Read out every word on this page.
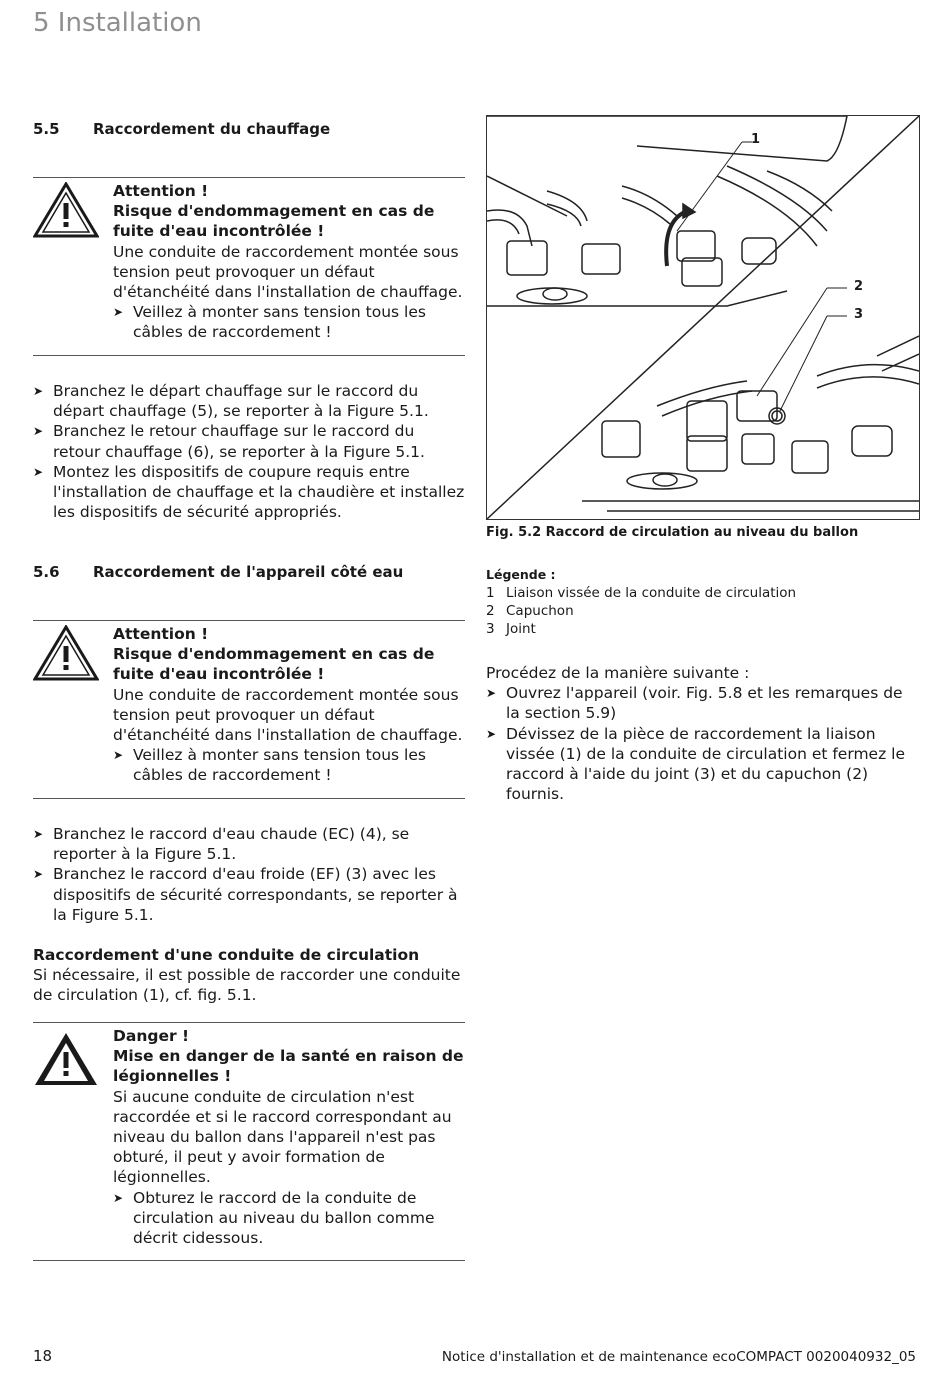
5 Installation
5.5 Raccordement du chauffage
Attention !
Risque d'endommagement en cas de fuite d'eau incontrôlée !
Une conduite de raccordement montée sous tension peut provoquer un défaut d'étanchéité dans l'installation de chauffage.
➤ Veillez à monter sans tension tous les câbles de raccordement !
➤ Branchez le départ chauffage sur le raccord du départ chauffage (5), se reporter à la Figure 5.1.
➤ Branchez le retour chauffage sur le raccord du retour chauffage (6), se reporter à la Figure 5.1.
➤ Montez les dispositifs de coupure requis entre l'installation de chauffage et la chaudière et installez les dispositifs de sécurité appropriés.
5.6 Raccordement de l'appareil côté eau
Attention !
Risque d'endommagement en cas de fuite d'eau incontrôlée !
Une conduite de raccordement montée sous tension peut provoquer un défaut d'étanchéité dans l'installation de chauffage.
➤ Veillez à monter sans tension tous les câbles de raccordement !
➤ Branchez le raccord d'eau chaude (EC) (4), se reporter à la Figure 5.1.
➤ Branchez le raccord d'eau froide (EF) (3) avec les dispositifs de sécurité correspondants, se reporter à la Figure 5.1.
Raccordement d'une conduite de circulation
Si nécessaire, il est possible de raccorder une conduite de circulation (1), cf. fig. 5.1.
Danger !
Mise en danger de la santé en raison de légionnelles !
Si aucune conduite de circulation n'est raccordée et si le raccord correspondant au niveau du ballon dans l'appareil n'est pas obturé, il peut y avoir formation de légionnelles.
➤ Obturez le raccord de la conduite de circulation au niveau du ballon comme décrit cidessous.
1
2
3
Fig. 5.2 Raccord de circulation au niveau du ballon
Légende :
1 Liaison vissée de la conduite de circulation
2 Capuchon
3 Joint
Procédez de la manière suivante :
➤ Ouvrez l'appareil (voir. Fig. 5.8 et les remarques de la section 5.9)
➤ Dévissez de la pièce de raccordement la liaison vissée (1) de la conduite de circulation et fermez le raccord à l'aide du joint (3) et du capuchon (2) fournis.
18	Notice d'installation et de maintenance ecoCOMPACT 0020040932_05
